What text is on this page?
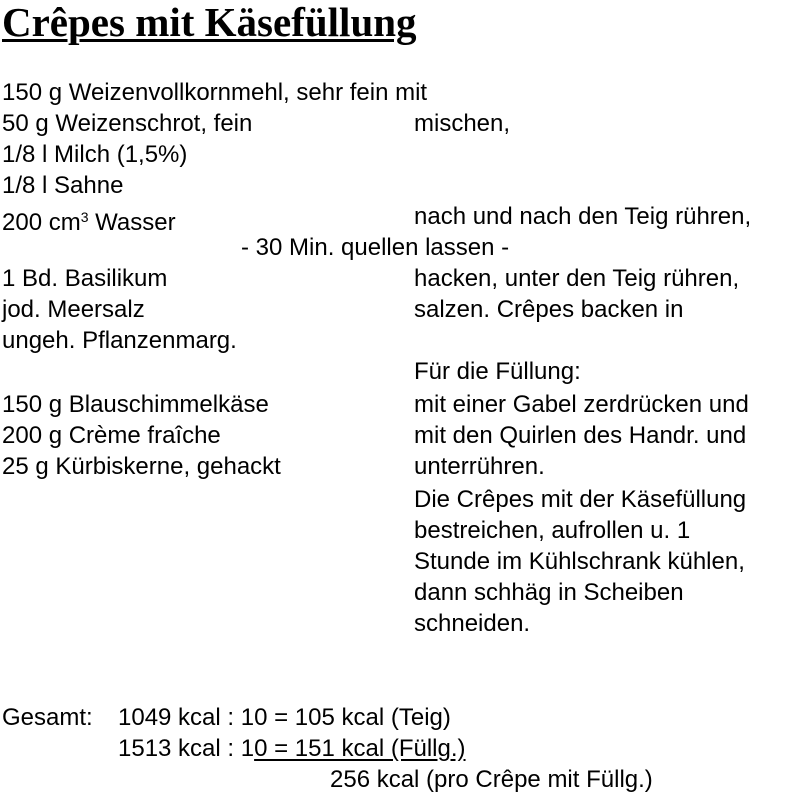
Crêpes mit Käsefüllung
150 g Weizenvollkornmehl, sehr fein mit
50 g Weizenschrot, fein	mischen,
1/8 l Milch (1,5%)
1/8 l Sahne
200 $cm^3$ Wasser	nach und nach den Teig rühren,
- 30 Min. quellen lassen -
1 Bd. Basilikum	hacken, unter den Teig rühren,
jod. Meersalz	salzen. Crêpes backen in
ungeh. Pflanzenmarg.
Für die Füllung:
150 g Blauschimmelkäse	mit einer Gabel zerdrücken und
200 g Crème fraîche	mit den Quirlen des Handr. und
25 g Kürbiskerne, gehackt	unterrühren.
Die Crêpes mit der Käsefüllung
bestreichen, aufrollen u. 1
Stunde im Kühlschrank kühlen,
dann schhäg in Scheiben
schneiden.
Gesamt: 1049 kcal : 10 = 105 kcal (Teig)
1513 kcal : 10 = 151 kcal (Füllg.)
256 kcal (pro Crêpe mit Füllg.)
